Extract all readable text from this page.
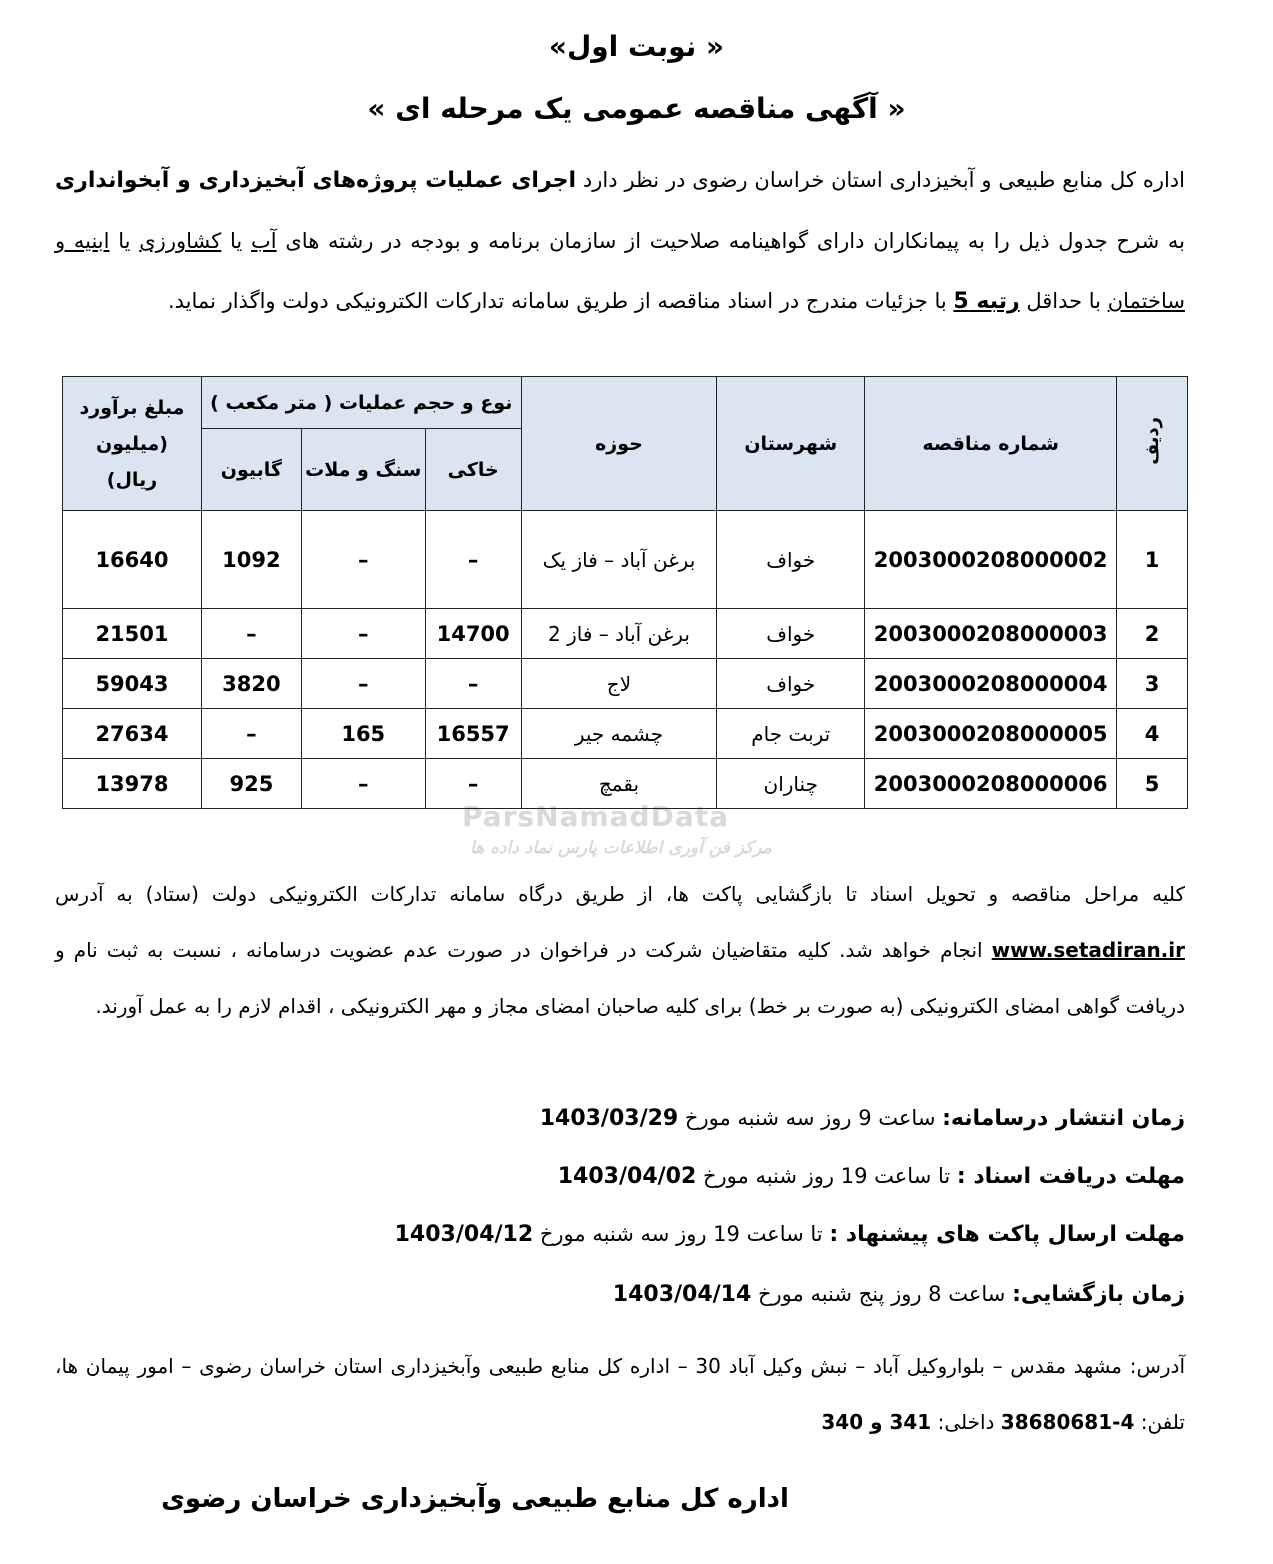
« نوبت اول»
« آگهی مناقصه عمومی یک مرحله ای »
اداره کل منابع طبیعی و آبخیزداری استان خراسان رضوی در نظر دارد اجرای عملیات پروژه‌های آبخیزداری و آبخوانداری به شرح جدول ذیل را به پیمانکاران دارای گواهینامه صلاحیت از سازمان برنامه و بودجه در رشته های آب یا کشاورزی یا ابنیه و ساختمان با حداقل رتبه 5 با جزئیات مندرج در اسناد مناقصه از طریق سامانه تدارکات الکترونیکی دولت واگذار نماید.
ParsNamadData
مرکز فن آوری اطلاعات پارس نماد داده ها
ردیف	شماره مناقصه	شهرستان	حوزه	نوع و حجم عملیات ( متر مکعب )			مبلغ برآورد (میلیون ریال)
				خاکی	سنگ و ملات	گابیون	
1	2003000208000002	خواف	برغن آباد – فاز یک	–	–	1092	16640
2	2003000208000003	خواف	برغن آباد – فاز 2	14700	–	–	21501
3	2003000208000004	خواف	لاج	–	–	3820	59043
4	2003000208000005	تربت جام	چشمه جیر	16557	165	–	27634
5	2003000208000006	چناران	بقمچ	–	–	925	13978
کلیه مراحل مناقصه و تحویل اسناد تا بازگشایی پاکت ها، از طریق درگاه سامانه تدارکات الکترونیکی دولت (ستاد) به آدرس www.setadiran.ir انجام خواهد شد. کلیه متقاضیان شرکت در فراخوان در صورت عدم عضویت درسامانه ، نسبت به ثبت نام و دریافت گواهی امضای الکترونیکی (به صورت بر خط) برای کلیه صاحبان امضای مجاز و مهر الکترونیکی ، اقدام لازم را به عمل آورند.
زمان انتشار درسامانه: ساعت 9 روز سه شنبه مورخ 1403/03/29
مهلت دریافت اسناد : تا ساعت 19 روز شنبه مورخ 1403/04/02
مهلت ارسال پاکت های پیشنهاد : تا ساعت 19 روز سه شنبه مورخ 1403/04/12
زمان بازگشایی: ساعت 8 روز پنج شنبه مورخ 1403/04/14
آدرس: مشهد مقدس – بلواروکیل آباد – نبش وکیل آباد 30 – اداره کل منابع طبیعی وآبخیزداری استان خراسان رضوی – امور پیمان ها، تلفن: 4-38680681 داخلی: 341 و 340
اداره کل منابع طبیعی وآبخیزداری خراسان رضوی
